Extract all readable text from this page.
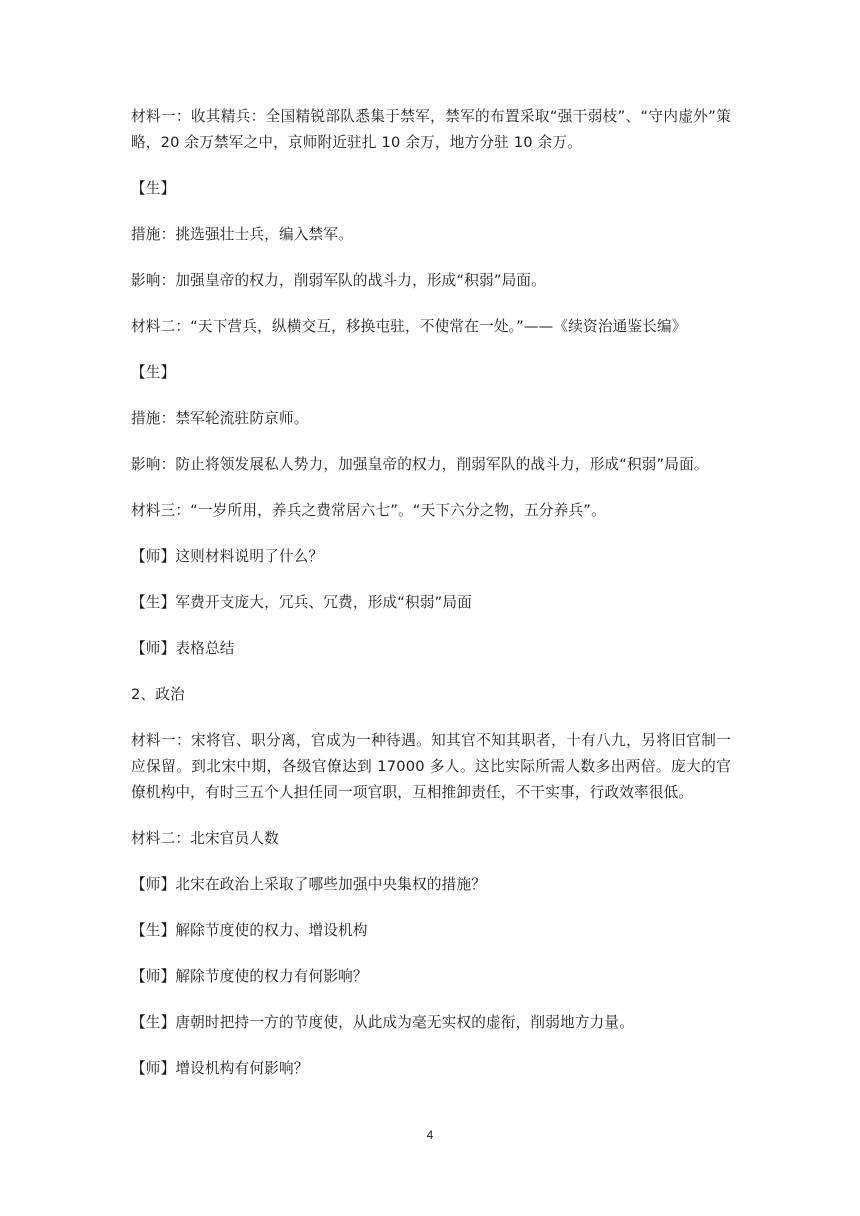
材料一：收其精兵：全国精锐部队悉集于禁军，禁军的布置采取“强干弱枝”、“守内虚外”策略，20 余万禁军之中，京师附近驻扎 10 余万，地方分驻 10 余万。

【生】

措施：挑选强壮士兵，编入禁军。

影响：加强皇帝的权力，削弱军队的战斗力，形成“积弱”局面。

材料二：“天下营兵，纵横交互，移换屯驻，不使常在一处。”——《续资治通鉴长编》

【生】

措施：禁军轮流驻防京师。

影响：防止将领发展私人势力，加强皇帝的权力，削弱军队的战斗力，形成“积弱”局面。

材料三：“一岁所用，养兵之费常居六七”。“天下六分之物，五分养兵”。

【师】这则材料说明了什么？

【生】军费开支庞大，冗兵、冗费，形成“积弱”局面

【师】表格总结

2、政治

材料一：宋将官、职分离，官成为一种待遇。知其官不知其职者，十有八九，另将旧官制一应保留。到北宋中期，各级官僚达到 17000 多人。这比实际所需人数多出两倍。庞大的官僚机构中，有时三五个人担任同一项官职，互相推卸责任，不干实事，行政效率很低。

材料二：北宋官员人数

【师】北宋在政治上采取了哪些加强中央集权的措施？

【生】解除节度使的权力、增设机构

【师】解除节度使的权力有何影响？

【生】唐朝时把持一方的节度使，从此成为毫无实权的虚衔，削弱地方力量。

【师】增设机构有何影响？

4
